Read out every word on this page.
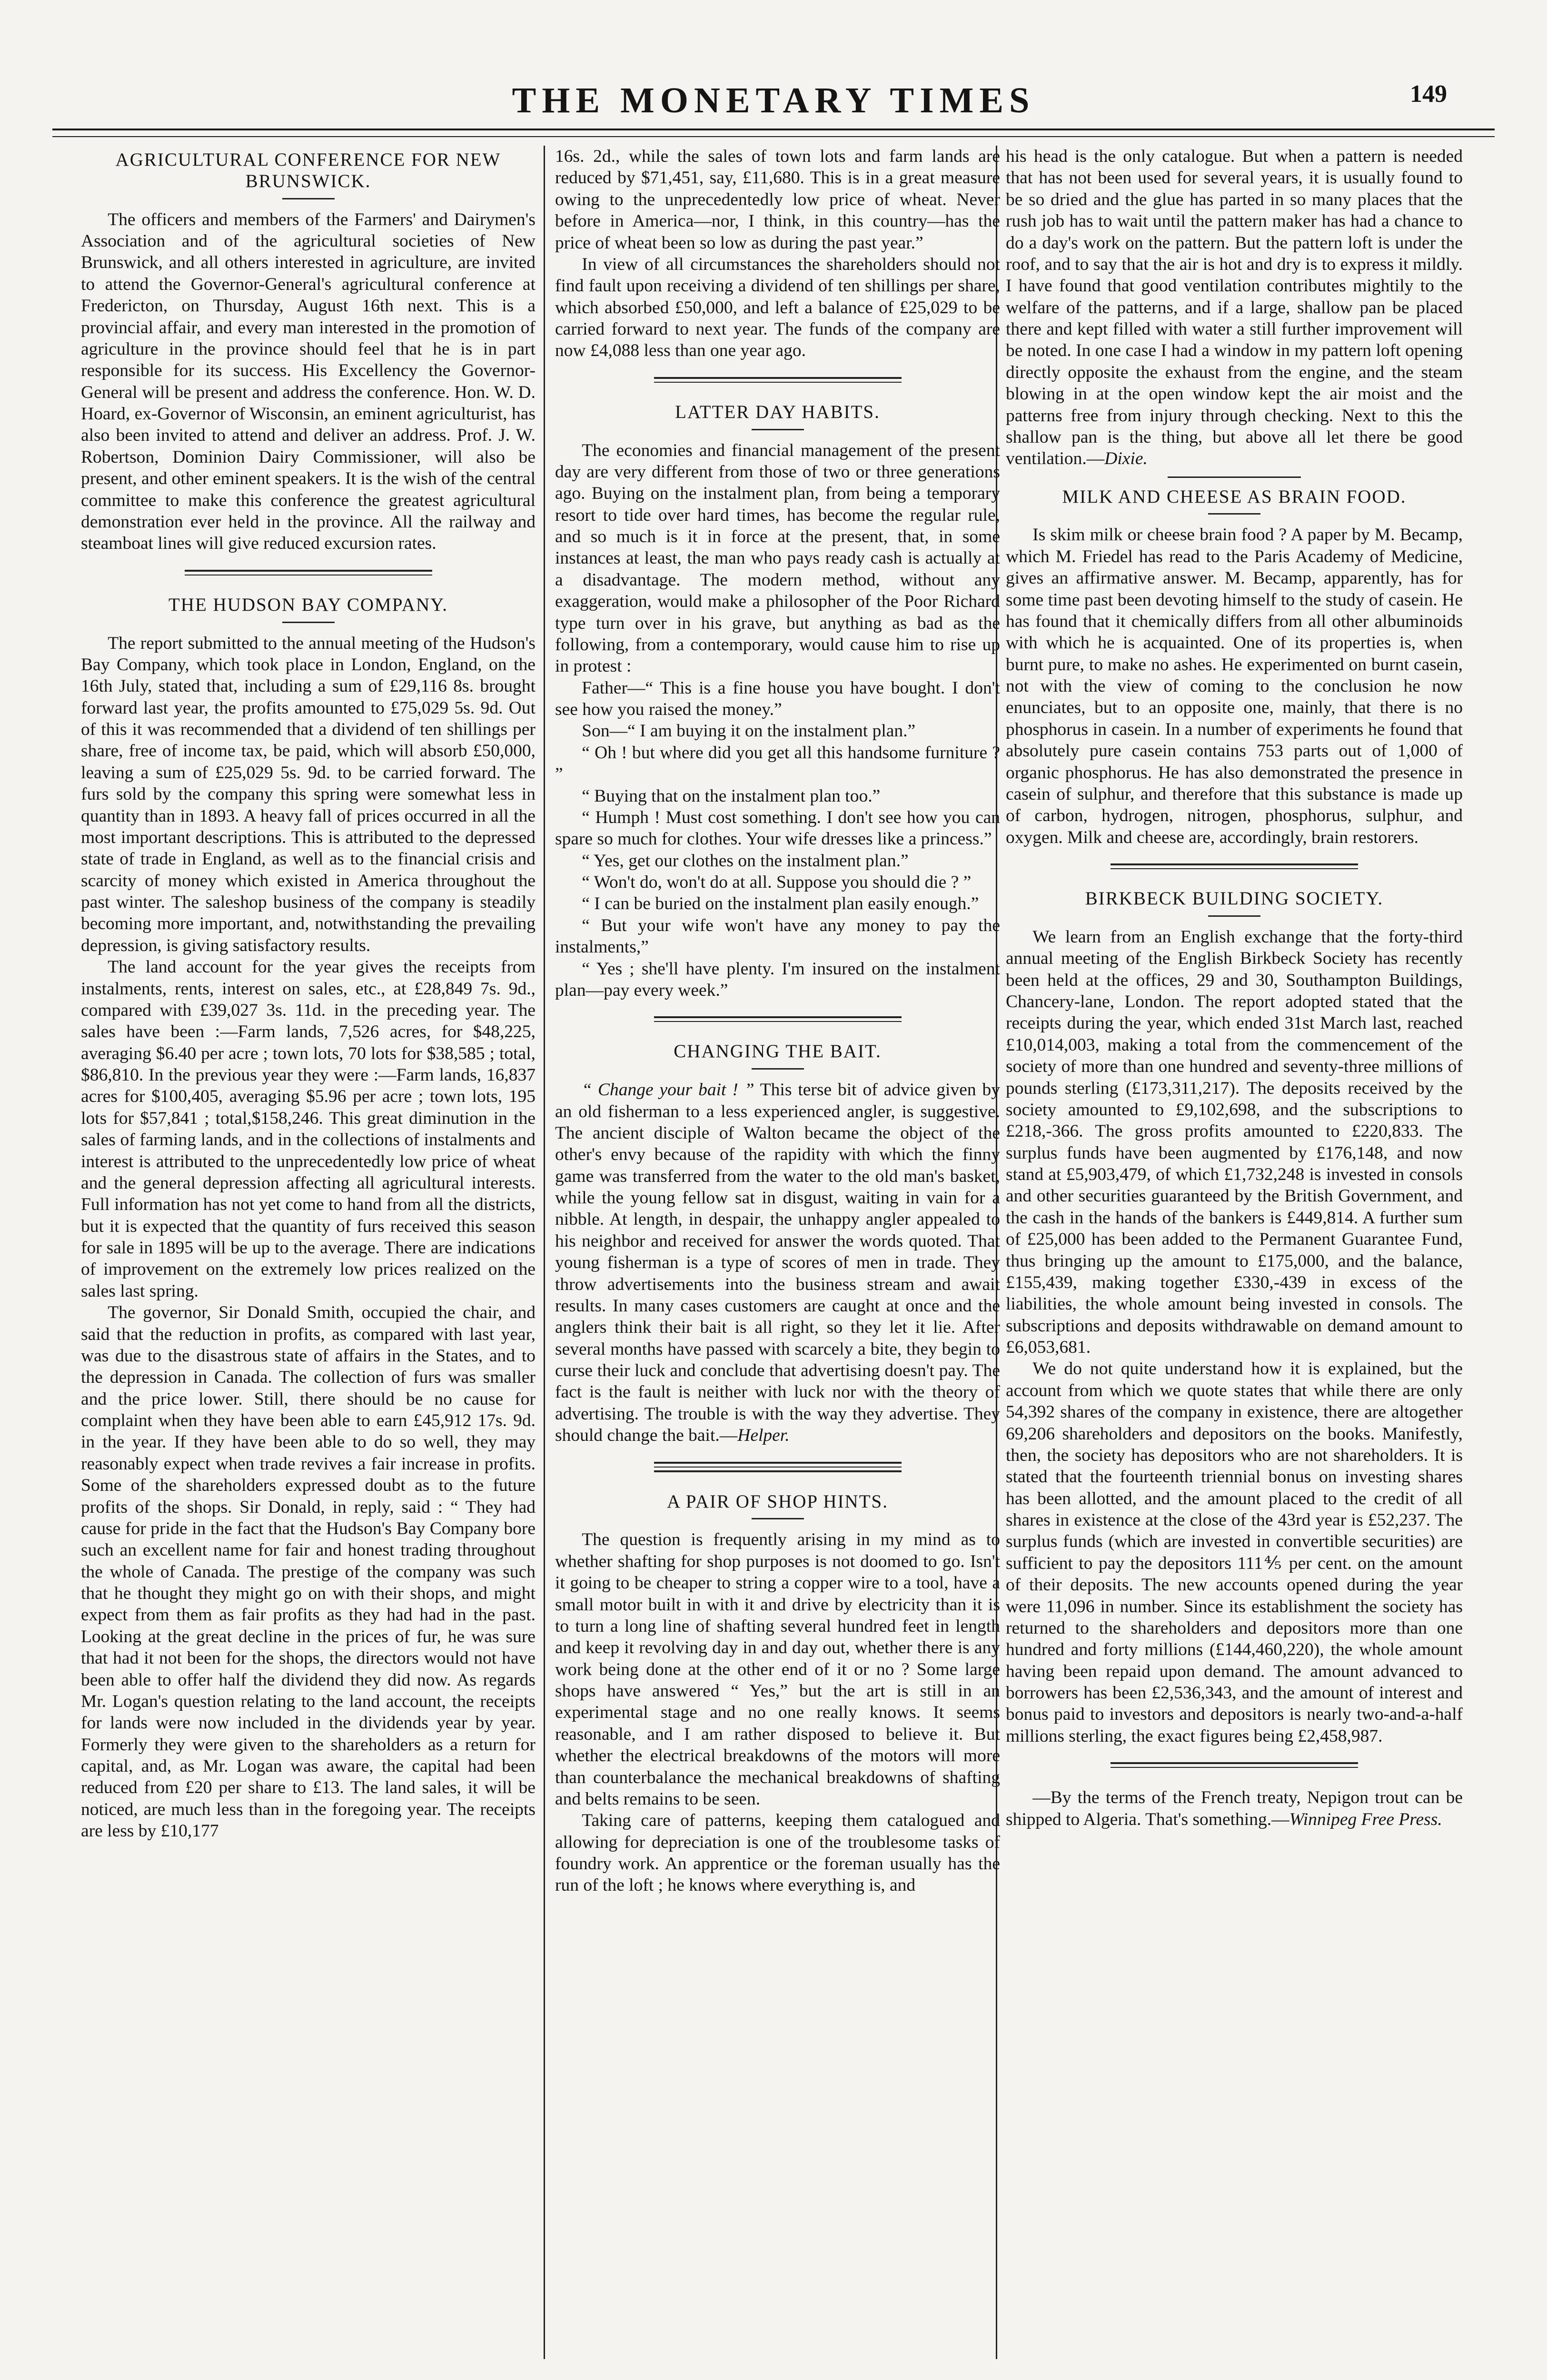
THE MONETARY TIMES	149
AGRICULTURAL CONFERENCE FOR NEW BRUNSWICK.

The officers and members of the Farmers' and Dairymen's Association and of the agricultural societies of New Brunswick, and all others interested in agriculture, are invited to attend the Governor-General's agricultural conference at Fredericton, on Thursday, August 16th next. This is a provincial affair, and every man interested in the promotion of agriculture in the province should feel that he is in part responsible for its success. His Excellency the Governor-General will be present and address the conference. Hon. W. D. Hoard, ex-Governor of Wisconsin, an eminent agriculturist, has also been invited to attend and deliver an address. Prof. J. W. Robertson, Dominion Dairy Commissioner, will also be present, and other eminent speakers. It is the wish of the central committee to make this conference the greatest agricultural demonstration ever held in the province. All the railway and steamboat lines will give reduced excursion rates.

THE HUDSON BAY COMPANY.

The report submitted to the annual meeting of the Hudson's Bay Company, which took place in London, England, on the 16th July, stated that, including a sum of £29,116 8s. brought forward last year, the profits amounted to £75,029 5s. 9d. Out of this it was recommended that a dividend of ten shillings per share, free of income tax, be paid, which will absorb £50,000, leaving a sum of £25,029 5s. 9d. to be carried forward. The furs sold by the company this spring were somewhat less in quantity than in 1893. A heavy fall of prices occurred in all the most important descriptions. This is attributed to the depressed state of trade in England, as well as to the financial crisis and scarcity of money which existed in America throughout the past winter. The saleshop business of the company is steadily becoming more important, and, notwithstanding the prevailing depression, is giving satisfactory results.

The land account for the year gives the receipts from instalments, rents, interest on sales, etc., at £28,849 7s. 9d., compared with £39,027 3s. 11d. in the preceding year. The sales have been :—Farm lands, 7,526 acres, for $48,225, averaging $6.40 per acre ; town lots, 70 lots for $38,585 ; total, $86,810. In the previous year they were :—Farm lands, 16,837 acres for $100,405, averaging $5.96 per acre ; town lots, 195 lots for $57,841 ; total,$158,246. This great diminution in the sales of farming lands, and in the collections of instalments and interest is attributed to the unprecedentedly low price of wheat and the general depression affecting all agricultural interests. Full information has not yet come to hand from all the districts, but it is expected that the quantity of furs received this season for sale in 1895 will be up to the average. There are indications of improvement on the extremely low prices realized on the sales last spring.

The governor, Sir Donald Smith, occupied the chair, and said that the reduction in profits, as compared with last year, was due to the disastrous state of affairs in the States, and to the depression in Canada. The collection of furs was smaller and the price lower. Still, there should be no cause for complaint when they have been able to earn £45,912 17s. 9d. in the year. If they have been able to do so well, they may reasonably expect when trade revives a fair increase in profits. Some of the shareholders expressed doubt as to the future profits of the shops. Sir Donald, in reply, said : “ They had cause for pride in the fact that the Hudson's Bay Company bore such an excellent name for fair and honest trading throughout the whole of Canada. The prestige of the company was such that he thought they might go on with their shops, and might expect from them as fair profits as they had had in the past. Looking at the great decline in the prices of fur, he was sure that had it not been for the shops, the directors would not have been able to offer half the dividend they did now. As regards Mr. Logan's question relating to the land account, the receipts for lands were now included in the dividends year by year. Formerly they were given to the shareholders as a return for capital, and, as Mr. Logan was aware, the capital had been reduced from £20 per share to £13. The land sales, it will be noticed, are much less than in the foregoing year. The receipts are less by £10,177

16s. 2d., while the sales of town lots and farm lands are reduced by $71,451, say, £11,680. This is in a great measure owing to the unprecedentedly low price of wheat. Never before in America—nor, I think, in this country—has the price of wheat been so low as during the past year.”

In view of all circumstances the shareholders should not find fault upon receiving a dividend of ten shillings per share, which absorbed £50,000, and left a balance of £25,029 to be carried forward to next year. The funds of the company are now £4,088 less than one year ago.

LATTER DAY HABITS.

The economies and financial management of the present day are very different from those of two or three generations ago. Buying on the instalment plan, from being a temporary resort to tide over hard times, has become the regular rule, and so much is it in force at the present, that, in some instances at least, the man who pays ready cash is actually at a disadvantage. The modern method, without any exaggeration, would make a philosopher of the Poor Richard type turn over in his grave, but anything as bad as the following, from a contemporary, would cause him to rise up in protest :

Father—“ This is a fine house you have bought. I don't see how you raised the money.”

Son—“ I am buying it on the instalment plan.”

“ Oh ! but where did you get all this handsome furniture ? ”

“ Buying that on the instalment plan too.”

“ Humph ! Must cost something. I don't see how you can spare so much for clothes. Your wife dresses like a princess.”

“ Yes, get our clothes on the instalment plan.”

“ Won't do, won't do at all. Suppose you should die ? ”

“ I can be buried on the instalment plan easily enough.”

“ But your wife won't have any money to pay the instalments,”

“ Yes ; she'll have plenty. I'm insured on the instalment plan—pay every week.”

CHANGING THE BAIT.

“ Change your bait ! ” This terse bit of advice given by an old fisherman to a less experienced angler, is suggestive. The ancient disciple of Walton became the object of the other's envy because of the rapidity with which the finny game was transferred from the water to the old man's basket, while the young fellow sat in disgust, waiting in vain for a nibble. At length, in despair, the unhappy angler appealed to his neighbor and received for answer the words quoted. That young fisherman is a type of scores of men in trade. They throw advertisements into the business stream and await results. In many cases customers are caught at once and the anglers think their bait is all right, so they let it lie. After several months have passed with scarcely a bite, they begin to curse their luck and conclude that advertising doesn't pay. The fact is the fault is neither with luck nor with the theory of advertising. The trouble is with the way they advertise. They should change the bait.—Helper.

A PAIR OF SHOP HINTS.

The question is frequently arising in my mind as to whether shafting for shop purposes is not doomed to go. Isn't it going to be cheaper to string a copper wire to a tool, have a small motor built in with it and drive by electricity than it is to turn a long line of shafting several hundred feet in length and keep it revolving day in and day out, whether there is any work being done at the other end of it or no ? Some large shops have answered “ Yes,” but the art is still in an experimental stage and no one really knows. It seems reasonable, and I am rather disposed to believe it. But whether the electrical breakdowns of the motors will more than counterbalance the mechanical breakdowns of shafting and belts remains to be seen.

Taking care of patterns, keeping them catalogued and allowing for depreciation is one of the troublesome tasks of foundry work. An apprentice or the foreman usually has the run of the loft ; he knows where everything is, and

his head is the only catalogue. But when a pattern is needed that has not been used for several years, it is usually found to be so dried and the glue has parted in so many places that the rush job has to wait until the pattern maker has had a chance to do a day's work on the pattern. But the pattern loft is under the roof, and to say that the air is hot and dry is to express it mildly. I have found that good ventilation contributes mightily to the welfare of the patterns, and if a large, shallow pan be placed there and kept filled with water a still further improvement will be noted. In one case I had a window in my pattern loft opening directly opposite the exhaust from the engine, and the steam blowing in at the open window kept the air moist and the patterns free from injury through checking. Next to this the shallow pan is the thing, but above all let there be good ventilation.—Dixie.

MILK AND CHEESE AS BRAIN FOOD.

Is skim milk or cheese brain food ? A paper by M. Becamp, which M. Friedel has read to the Paris Academy of Medicine, gives an affirmative answer. M. Becamp, apparently, has for some time past been devoting himself to the study of casein. He has found that it chemically differs from all other albuminoids with which he is acquainted. One of its properties is, when burnt pure, to make no ashes. He experimented on burnt casein, not with the view of coming to the conclusion he now enunciates, but to an opposite one, mainly, that there is no phosphorus in casein. In a number of experiments he found that absolutely pure casein contains 753 parts out of 1,000 of organic phosphorus. He has also demonstrated the presence in casein of sulphur, and therefore that this substance is made up of carbon, hydrogen, nitrogen, phosphorus, sulphur, and oxygen. Milk and cheese are, accordingly, brain restorers.

BIRKBECK BUILDING SOCIETY.

We learn from an English exchange that the forty-third annual meeting of the English Birkbeck Society has recently been held at the offices, 29 and 30, Southampton Buildings, Chancery-lane, London. The report adopted stated that the receipts during the year, which ended 31st March last, reached £10,014,003, making a total from the commencement of the society of more than one hundred and seventy-three millions of pounds sterling (£173,311,217). The deposits received by the society amounted to £9,102,698, and the subscriptions to £218,-366. The gross profits amounted to £220,833. The surplus funds have been augmented by £176,148, and now stand at £5,903,479, of which £1,732,248 is invested in consols and other securities guaranteed by the British Government, and the cash in the hands of the bankers is £449,814. A further sum of £25,000 has been added to the Permanent Guarantee Fund, thus bringing up the amount to £175,000, and the balance, £155,439, making together £330,-439 in excess of the liabilities, the whole amount being invested in consols. The subscriptions and deposits withdrawable on demand amount to £6,053,681.

We do not quite understand how it is explained, but the account from which we quote states that while there are only 54,392 shares of the company in existence, there are altogether 69,206 shareholders and depositors on the books. Manifestly, then, the society has depositors who are not shareholders. It is stated that the fourteenth triennial bonus on investing shares has been allotted, and the amount placed to the credit of all shares in existence at the close of the 43rd year is £52,237. The surplus funds (which are invested in convertible securities) are sufficient to pay the depositors 111⅘ per cent. on the amount of their deposits. The new accounts opened during the year were 11,096 in number. Since its establishment the society has returned to the shareholders and depositors more than one hundred and forty millions (£144,460,220), the whole amount having been repaid upon demand. The amount advanced to borrowers has been £2,536,343, and the amount of interest and bonus paid to investors and depositors is nearly two-and-a-half millions sterling, the exact figures being £2,458,987.

—By the terms of the French treaty, Nepigon trout can be shipped to Algeria. That's something.—Winnipeg Free Press.
